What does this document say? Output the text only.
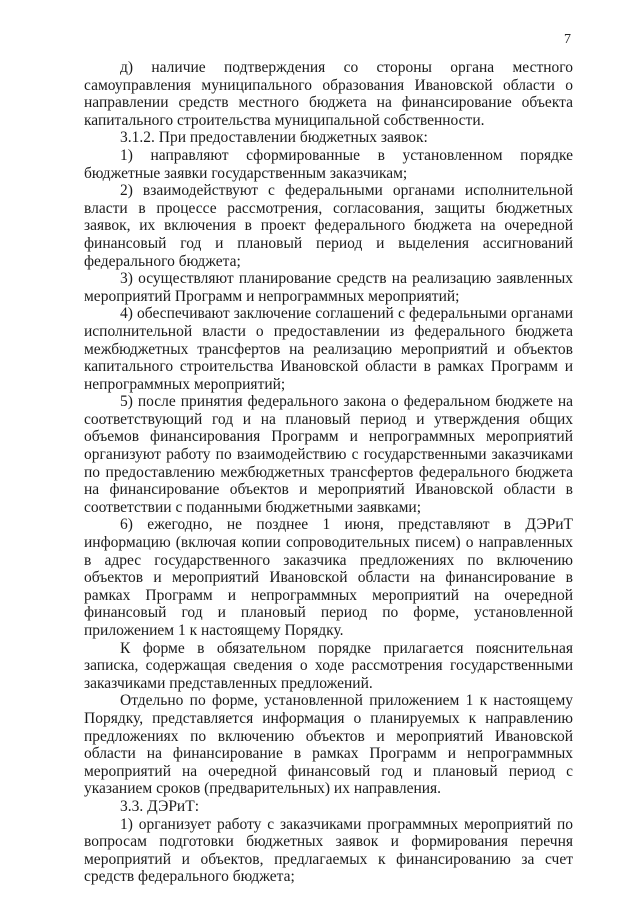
7

д) наличие подтверждения со стороны органа местного самоуправления муниципального образования Ивановской области о направлении средств местного бюджета на финансирование объекта капитального строительства муниципальной собственности.

3.1.2. При предоставлении бюджетных заявок:

1) направляют сформированные в установленном порядке бюджетные заявки государственным заказчикам;

2) взаимодействуют с федеральными органами исполнительной власти в процессе рассмотрения, согласования, защиты бюджетных заявок, их включения в проект федерального бюджета на очередной финансовый год и плановый период и выделения ассигнований федерального бюджета;

3) осуществляют планирование средств на реализацию заявленных мероприятий Программ и непрограммных мероприятий;

4) обеспечивают заключение соглашений с федеральными органами исполнительной власти о предоставлении из федерального бюджета межбюджетных трансфертов на реализацию мероприятий и объектов капитального строительства Ивановской области в рамках Программ и непрограммных мероприятий;

5) после принятия федерального закона о федеральном бюджете на соответствующий год и на плановый период и утверждения общих объемов финансирования Программ и непрограммных мероприятий организуют работу по взаимодействию с государственными заказчиками по предоставлению межбюджетных трансфертов федерального бюджета на финансирование объектов и мероприятий Ивановской области в соответствии с поданными бюджетными заявками;

6) ежегодно, не позднее 1 июня, представляют в ДЭРиТ информацию (включая копии сопроводительных писем) о направленных в адрес государственного заказчика предложениях по включению объектов и мероприятий Ивановской области на финансирование в рамках Программ и непрограммных мероприятий на очередной финансовый год и плановый период по форме, установленной приложением 1 к настоящему Порядку.

К форме в обязательном порядке прилагается пояснительная записка, содержащая сведения о ходе рассмотрения государственными заказчиками представленных предложений.

Отдельно по форме, установленной приложением 1 к настоящему Порядку, представляется информация о планируемых к направлению предложениях по включению объектов и мероприятий Ивановской области на финансирование в рамках Программ и непрограммных мероприятий на очередной финансовый год и плановый период с указанием сроков (предварительных) их направления.

3.3. ДЭРиТ:

1) организует работу с заказчиками программных мероприятий по вопросам подготовки бюджетных заявок и формирования перечня мероприятий и объектов, предлагаемых к финансированию за счет средств федерального бюджета;
